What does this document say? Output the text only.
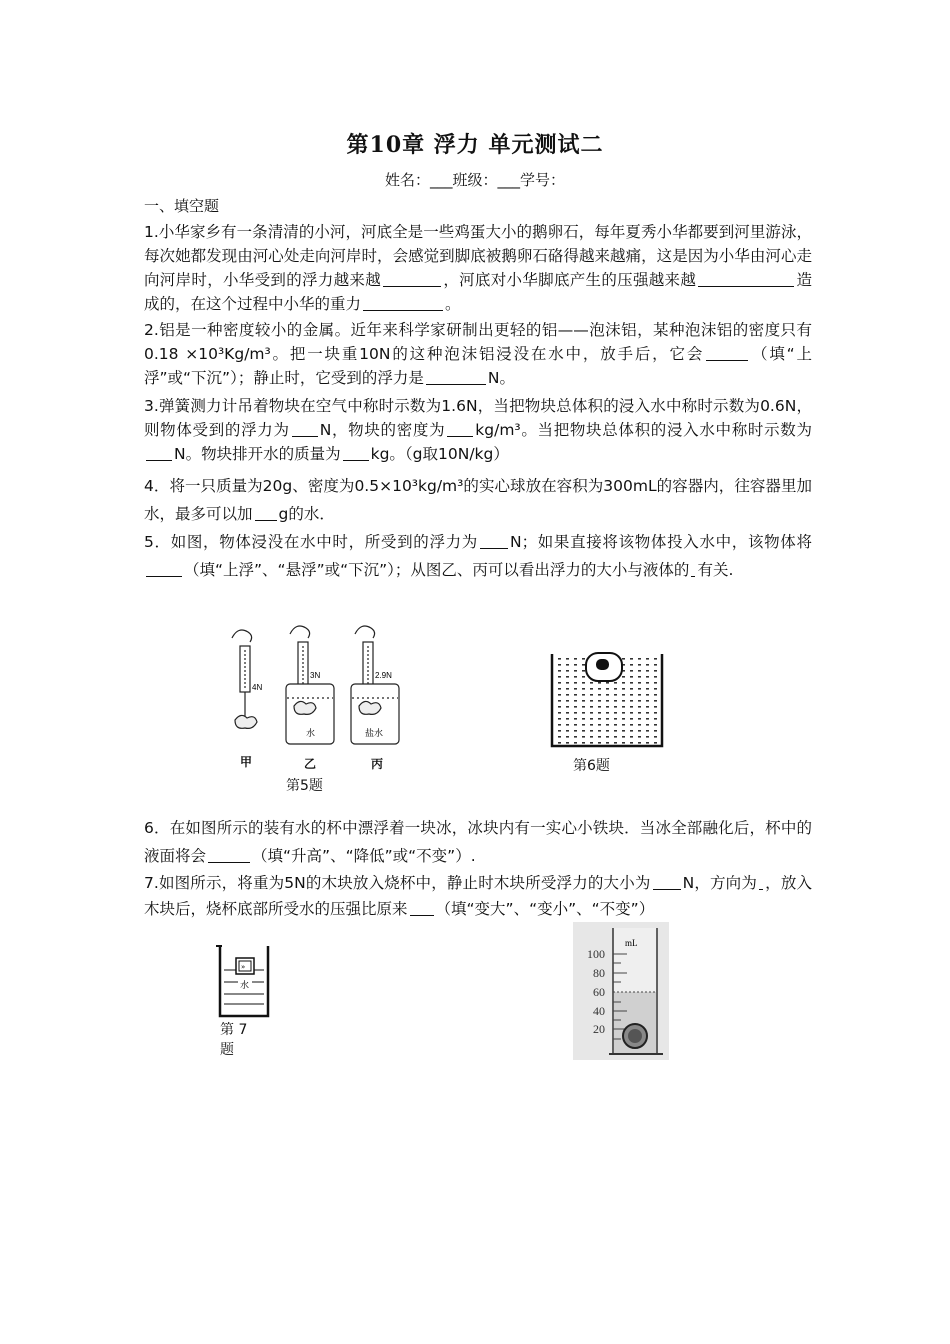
第10章 浮力 单元测试二
姓名：___班级：___学号：
一、填空题
1.小华家乡有一条清清的小河，河底全是一些鸡蛋大小的鹅卵石，每年夏秀小华都要到河里游泳，每次她都发现由河心处走向河岸时，会感觉到脚底被鹅卵石硌得越来越痛，这是因为小华由河心走向河岸时，小华受到的浮力越来越	，河底对小华脚底产生的压强越来越	造成的，在这个过程中小华的重力	。
2.铝是一种密度较小的金属。近年来科学家研制出更轻的铝——泡沫铝，某种泡沫铝的密度只有0.18 ×10³Kg/m³。把一块重10N的这种泡沫铝浸没在水中，放手后，它会	（填“上浮”或“下沉”）；静止时，它受到的浮力是	N。
3.弹簧测力计吊着物块在空气中称时示数为1.6N，当把物块总体积的浸入水中称时示数为0.6N，则物体受到的浮力为 N，物块的密度为 kg/m³。当把物块总体积的浸入水中称时示数为N。物块排开水的质量为 kg。（g取10N/kg）
4．将一只质量为20g、密度为0.5×10³kg/m³的实心球放在容积为300mL的容器内，往容器里加水，最多可以加 g的水．
5．如图，物体浸没在水中时，所受到的浮力为 N；如果直接将该物体投入水中，该物体将（填“上浮”、“悬浮”或“下沉”）；从图乙、丙可以看出浮力的大小与液体的 有关.
4N
3N	2.9N
水	盐水
甲	乙	丙
第5题
第6题
6．在如图所示的装有水的杯中漂浮着一块冰，冰块内有一实心小铁块．当冰全部融化后，杯中的液面将会	（填“升高”、“降低”或“不变”）.
7.如图所示，将重为5N的木块放入烧杯中，静止时木块所受浮力的大小为 N，方向为 ，放入木块后，烧杯底部所受水的压强比原来 （填“变大”、“变小”、“不变”）
»
水
第 7
题
mL
100
80
60
40
20
